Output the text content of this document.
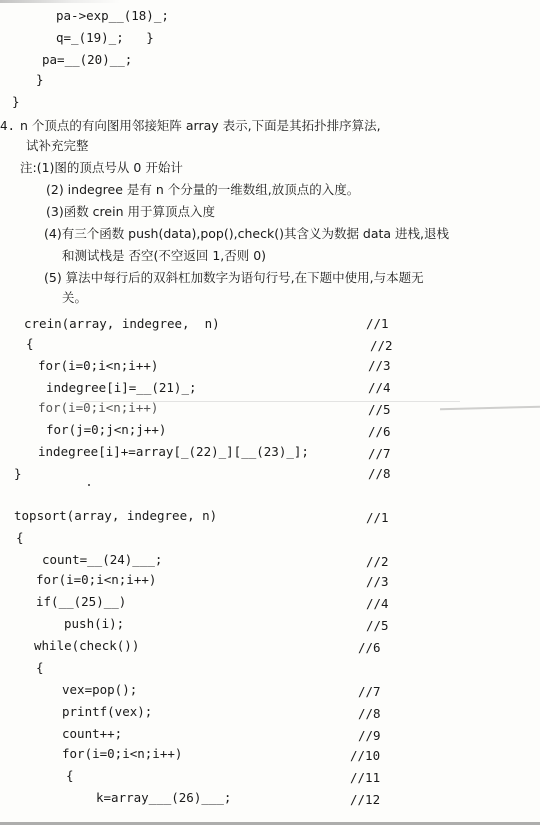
pa->exp__(18)_;
q=_(19)_;   }
pa=__(20)__;
}
}
4. n 个顶点的有向图用邻接矩阵 array 表示,下面是其拓扑排序算法,
试补充完整
注:(1)图的顶点号从 0 开始计
(2) indegree 是有 n 个分量的一维数组,放顶点的入度。
(3)函数 crein 用于算顶点入度
(4)有三个函数 push(data),pop(),check()其含义为数据 data 进栈,退栈
和测试栈是 否空(不空返回 1,否则 0)
(5) 算法中每行后的双斜杠加数字为语句行号,在下题中使用,与本题无
关。
crein(array, indegree,  n)	//1
{	//2
for(i=0;i<n;i++)	//3
indegree[i]=__(21)_;	//4
for(i=0;i<n;i++)	//5
for(j=0;j<n;j++)	//6
indegree[i]+=array[_(22)_][__(23)_];	//7
}	//8
topsort(array, indegree, n)	//1
{
count=__(24)___;	//2
for(i=0;i<n;i++)	//3
if(__(25)__)	//4
push(i);	//5
while(check())	//6
{
vex=pop();	//7
printf(vex);	//8
count++;	//9
for(i=0;i<n;i++)	//10
{	//11
k=array___(26)___;	//12
